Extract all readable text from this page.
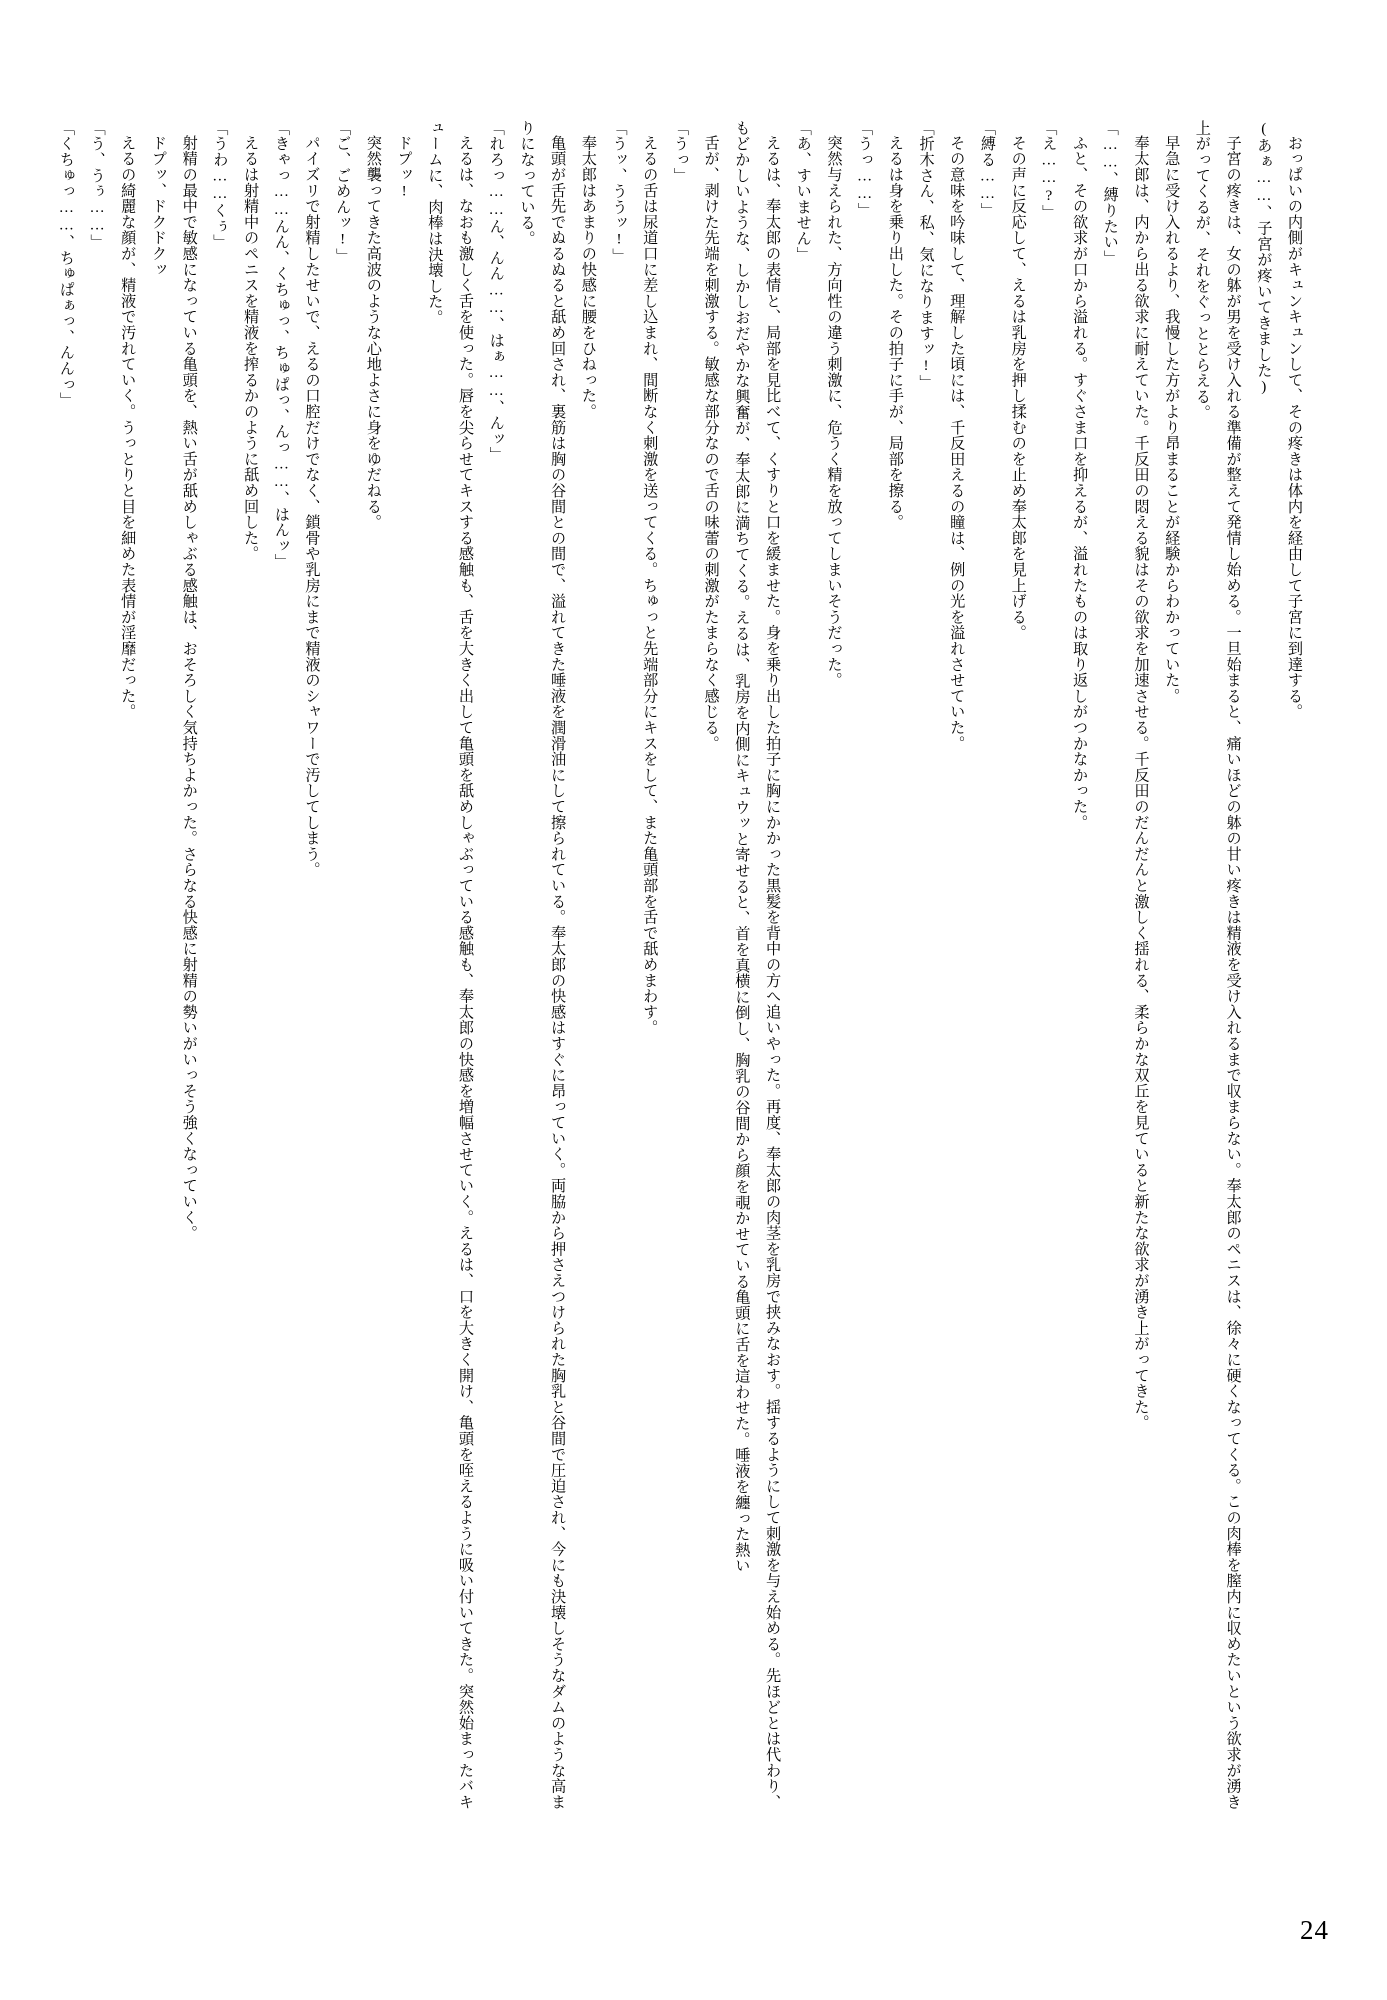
おっぱいの内側がキュンキュンして、その疼きは体内を経由して子宮に到達する。

(あぁ……、子宮が疼いてきました)

子宮の疼きは、女の躰が男を受け入れる準備が整えて発情し始める。一旦始まると、痛いほどの躰の甘い疼きは精液を受け入れるまで収まらない。奉太郎のペニスは、徐々に硬くなってくる。この肉棒を膣内に収めたいという欲求が湧き上がってくるが、それをぐっととらえる。

早急に受け入れるより、我慢した方がより昂まることが経験からわかっていた。

奉太郎は、内から出る欲求に耐えていた。千反田の悶える貌はその欲求を加速させる。千反田のだんだんと激しく揺れる、柔らかな双丘を見ていると新たな欲求が湧き上がってきた。

「……、縛りたい」

ふと、その欲求が口から溢れる。すぐさま口を抑えるが、溢れたものは取り返しがつかなかった。

「え……?」

その声に反応して、えるは乳房を押し揉むのを止め奉太郎を見上げる。

「縛る……」

その意味を吟味して、理解した頃には、千反田えるの瞳は、例の光を溢れさせていた。

「折木さん、私、気になりますッ!」

えるは身を乗り出した。その拍子に手が、局部を擦る。

「うっ……」

突然与えられた、方向性の違う刺激に、危うく精を放ってしまいそうだった。

「あ、すいません」

えるは、奉太郎の表情と、局部を見比べて、くすりと口を緩ませた。身を乗り出した拍子に胸にかかった黒髪を背中の方へ追いやった。再度、奉太郎の肉茎を乳房で挟みなおす。揺するようにして刺激を与え始める。先ほどとは代わり、もどかしいような、しかしおだやかな興奮が、奉太郎に満ちてくる。えるは、乳房を内側にキュウッと寄せると、首を真横に倒し、胸乳の谷間から顔を覗かせている亀頭に舌を這わせた。唾液を纏った熱い

舌が、剥けた先端を刺激する。敏感な部分なので舌の味蕾の刺激がたまらなく感じる。

「うっ」

えるの舌は尿道口に差し込まれ、間断なく刺激を送ってくる。ちゅっと先端部分にキスをして、また亀頭部を舌で舐めまわす。

「うッ、ううッ!」

奉太郎はあまりの快感に腰をひねった。

亀頭が舌先でぬるぬると舐め回され、裏筋は胸の谷間との間で、溢れてきた唾液を潤滑油にして擦られている。奉太郎の快感はすぐに昂っていく。両脇から押さえつけられた胸乳と谷間で圧迫され、今にも決壊しそうなダムのような高まりになっている。

「れろっ……ん、んん……、はぁ……、んッ」

えるは、なおも激しく舌を使った。唇を尖らせてキスする感触も、舌を大きく出して亀頭を舐めしゃぶっている感触も、奉太郎の快感を増幅させていく。えるは、口を大きく開け、亀頭を咥えるように吸い付いてきた。突然始まったバキュームに、肉棒は決壊した。

ドプッ!

突然襲ってきた高波のような心地よさに身をゆだねる。

「ご、ごめんッ!」

パイズリで射精したせいで、えるの口腔だけでなく、鎖骨や乳房にまで精液のシャワーで汚してしまう。

「きゃっ……んん、くちゅっ、ちゅぱっ、んっ……、はんッ」

えるは射精中のペニスを精液を搾るかのように舐め回した。

「うわ……くぅ」

射精の最中で敏感になっている亀頭を、熱い舌が舐めしゃぶる感触は、おそろしく気持ちよかった。さらなる快感に射精の勢いがいっそう強くなっていく。

ドプッ、ドクドクッ

えるの綺麗な顔が、精液で汚れていく。うっとりと目を細めた表情が淫靡だった。

「う、うぅ……」

「くちゅっ……、ちゅぱぁっ、んんっ」

24
